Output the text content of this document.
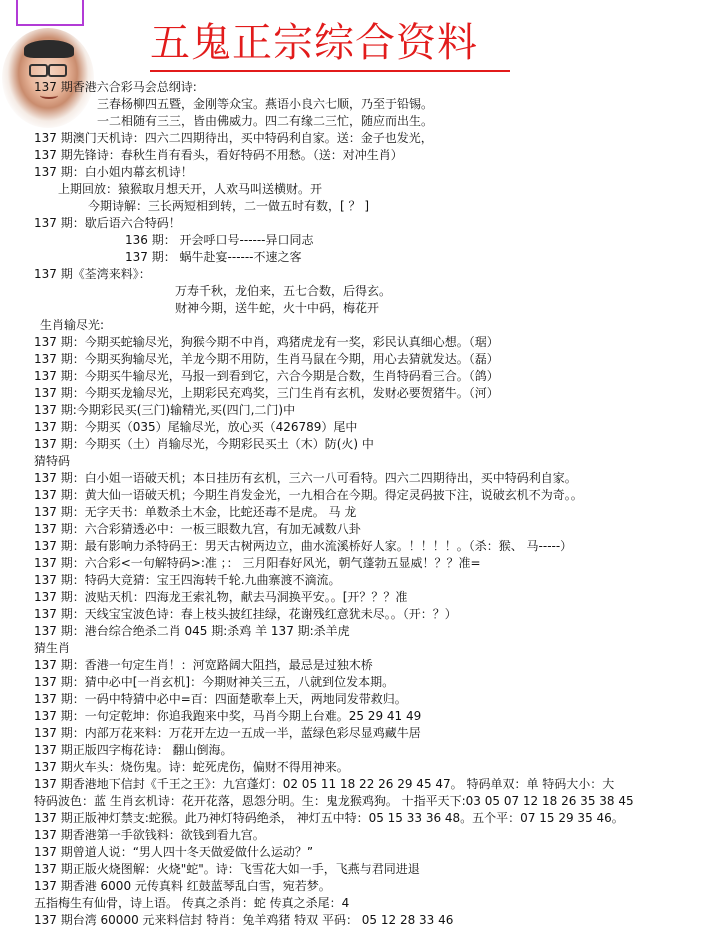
五鬼正宗综合资料
137 期香港六合彩马会总纲诗:
三春杨柳四五暨，金刚等众宝。燕语小良六七顺，乃至于铅锡。
一二相随有三三，皆由佛威力。四二有缘二三忙，随应而出生。
137 期澳门天机诗：四六二四期待出，买中特码利自家。送：金子也发光，
137 期先锋诗：春秋生肖有看头，看好特码不用愁。（送：对冲生肖）
137 期：白小姐内幕玄机诗！
上期回放：猿猴取月想天开，人欢马叫送横财。开
今期诗解：三长两短相到转，二一做五时有数，[ ？ ]
137 期：歇后语六合特码！
136 期： 开会呼口号------异口同志
137 期： 蜗牛赴宴------不速之客
137 期《荃湾来料》：
万寿千秋，龙伯来，五七合数，后得玄。
财神今期，送牛蛇，火十中码，梅花开
生肖输尽光:
137 期：今期买蛇输尽光，狗猴今期不中肖，鸡猪虎龙有一奖，彩民认真细心想。（琚）
137 期：今期买狗输尽光，羊龙今期不用防，生肖马鼠在今期，用心去猜就发达。（磊）
137 期：今期买牛输尽光，马报一到看到它，六合今期是合数，生肖特码看三合。（鸽）
137 期：今期买龙输尽光，上期彩民充鸡奖，三门生肖有玄机，发财必要贺猪牛。（河）
137 期:今期彩民买(三门)输精光,买(四门,二门)中
137 期：今期买（035）尾输尽光，放心买（426789）尾中
137 期：今期买（土）肖输尽光，今期彩民买土（木）防(火) 中
猜特码
137 期：白小姐一语破天机；本日挂历有玄机，三六一八可看特。四六二四期待出，买中特码利自家。
137 期：黄大仙一语破天机；今期生肖发金光，一九相合在今期。得定灵码披下注，说破玄机不为奇。。
137 期：无字天书：单数杀土木金，比蛇还毒不是虎。 马 龙
137 期：六合彩猜透必中：一板三眼数九宫，有加无减数八卦
137 期：最有影响力杀特码王：男天古树两边立，曲水流溪桥好人家。！！！！。（杀：猴、 马-----）
137 期：六合彩<一句解特码>:准 ；： 三月阳春好风光，朝气蓬勃五显威！？？准=
137 期：特码大竞猜：宝王四海转千轮.九曲寨渡不滴流。
137 期：波贴天机：四海龙王索礼物，献去马洞换平安。。[开？？？准
137 期：天线宝宝波色诗：春上枝头披红挂绿，花谢残红意犹未尽。。（开：？）
137 期：港台综合绝杀二肖 045 期:杀鸡 羊 137 期:杀羊虎
猜生肖
137 期：香港一句定生肖！：河宽路阔大阻挡，最忌是过独木桥
137 期：猜中必中[一肖玄机]：今期财神关三五，八就到位发本期。
137 期：一码中特猜中必中=百：四面楚歌奉上天，两地同发带救归。
137 期：一句定乾坤：你追我跑来中奖，马肖今期上台难。25 29 41 49
137 期：内部万花来料：万花开左边一五成一半，蓝绿色彩尽显鸡藏牛居
137 期正版四字梅花诗： 翻山倒海。
137 期火车头：烧伤鬼。诗：蛇死虎伤，偏财不得用神来。
137 期香港地下信封《千王之王》：九宫蓬灯：02 05 11 18 22 26 29 45 47。 特码单双：单 特码大小：大
特码波色：蓝 生肖玄机诗：花开花落，恩怨分明。生：鬼龙猴鸡狗。 十指平天下:03 05 07 12 18 26 35 38 45
137 期正版神灯禁支:蛇猴。此乃神灯特码绝杀， 神灯五中特：05 15 33 36 48。五个平：07 15 29 35 46。
137 期香港第一手欲钱料：欲钱到看九宫。
137 期曾道人说：“男人四十冬天做爱做什么运动？”
137 期正版火烧图解：火烧"蛇"。诗：飞雪花大如一手，飞燕与君同进退
137 期香港 6000 元传真料 红鼓蓝琴乱白雪，宛若梦。
五指梅生有仙骨，诗上语。 传真之杀肖：蛇 传真之杀尾：4
137 期台湾 60000 元来料信封 特肖：兔羊鸡猪 特双 平码： 05 12 28 33 46
